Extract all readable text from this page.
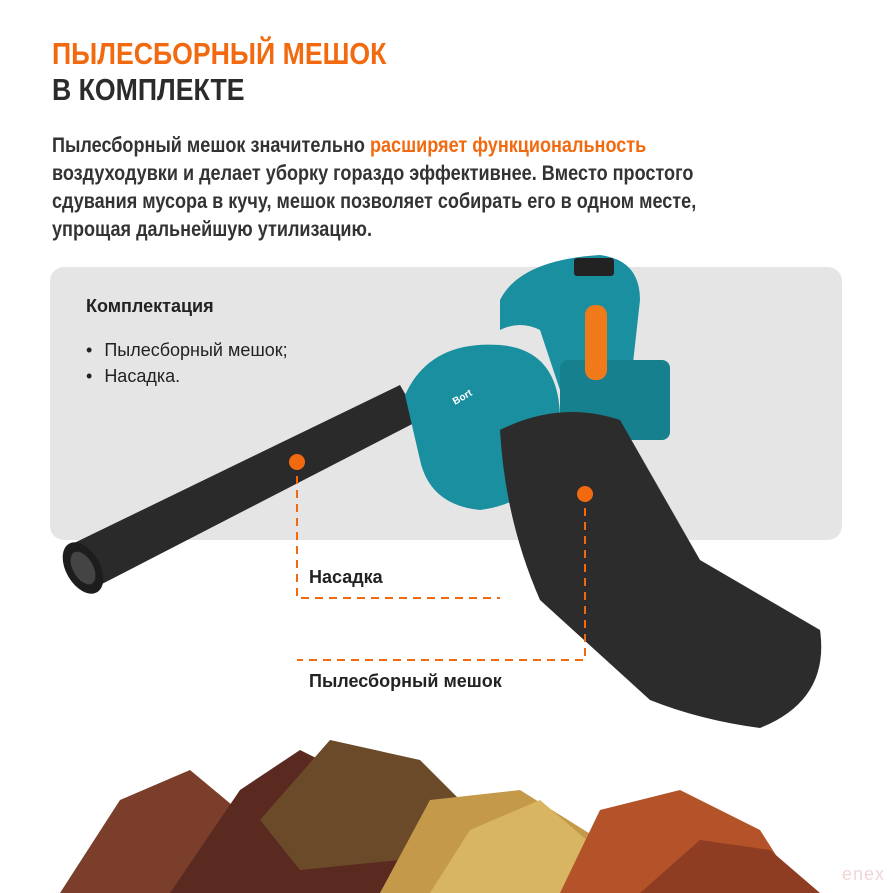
ПЫЛЕСБОРНЫЙ МЕШОК
В КОМПЛЕКТЕ
Пылесборный мешок значительно расширяет функциональность
воздуходувки и делает уборку гораздо эффективнее. Вместо простого
сдувания мусора в кучу, мешок позволяет собирать его в одном месте,
упрощая дальнейшую утилизацию.
Комплектация
• Пылесборный мешок;
• Насадка.
Bort
Насадка
Пылесборный мешок
enex
